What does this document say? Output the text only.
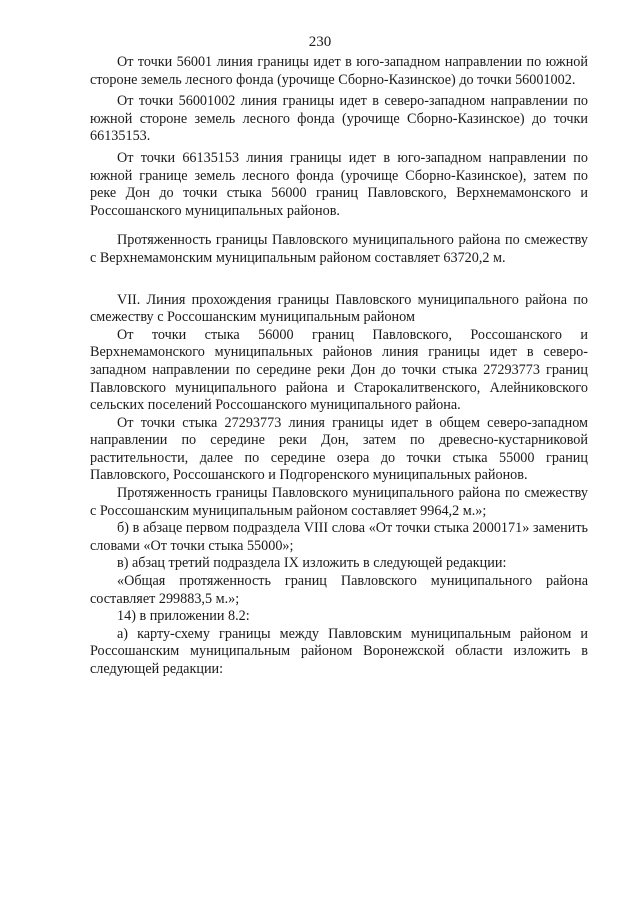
230

От точки 56001 линия границы идет в юго-западном направлении по южной стороне земель лесного фонда (урочище Сборно-Казинское) до точки 56001002.

От точки 56001002 линия границы идет в северо-западном направлении по южной стороне земель лесного фонда (урочище Сборно-Казинское) до точки 66135153.

От точки 66135153 линия границы идет в юго-западном направлении по южной границе земель лесного фонда (урочище Сборно-Казинское), затем по реке Дон до точки стыка 56000 границ Павловского, Верхнемамонского и Россошанского муниципальных районов.

Протяженность границы Павловского муниципального района по смежеству с Верхнемамонским муниципальным районом составляет 63720,2 м.

VII. Линия прохождения границы Павловского муниципального района по смежеству с Россошанским муниципальным районом

От точки стыка 56000 границ Павловского, Россошанского и Верхнемамонского муниципальных районов линия границы идет в северо-западном направлении по середине реки Дон до точки стыка 27293773 границ Павловского муниципального района и Старокалитвенского, Алейниковского сельских поселений Россошанского муниципального района.

От точки стыка 27293773 линия границы идет в общем северо-западном направлении по середине реки Дон, затем по древесно-кустарниковой растительности, далее по середине озера до точки стыка 55000 границ Павловского, Россошанского и Подгоренского муниципальных районов.

Протяженность границы Павловского муниципального района по смежеству с Россошанским муниципальным районом составляет 9964,2 м.»;

б) в абзаце первом подраздела VIII слова «От точки стыка 2000171» заменить словами «От точки стыка 55000»;

в) абзац третий подраздела IX изложить в следующей редакции:

«Общая протяженность границ Павловского муниципального района составляет 299883,5 м.»;

14) в приложении 8.2:

а) карту-схему границы между Павловским муниципальным районом и Россошанским муниципальным районом Воронежской области изложить в следующей редакции:
